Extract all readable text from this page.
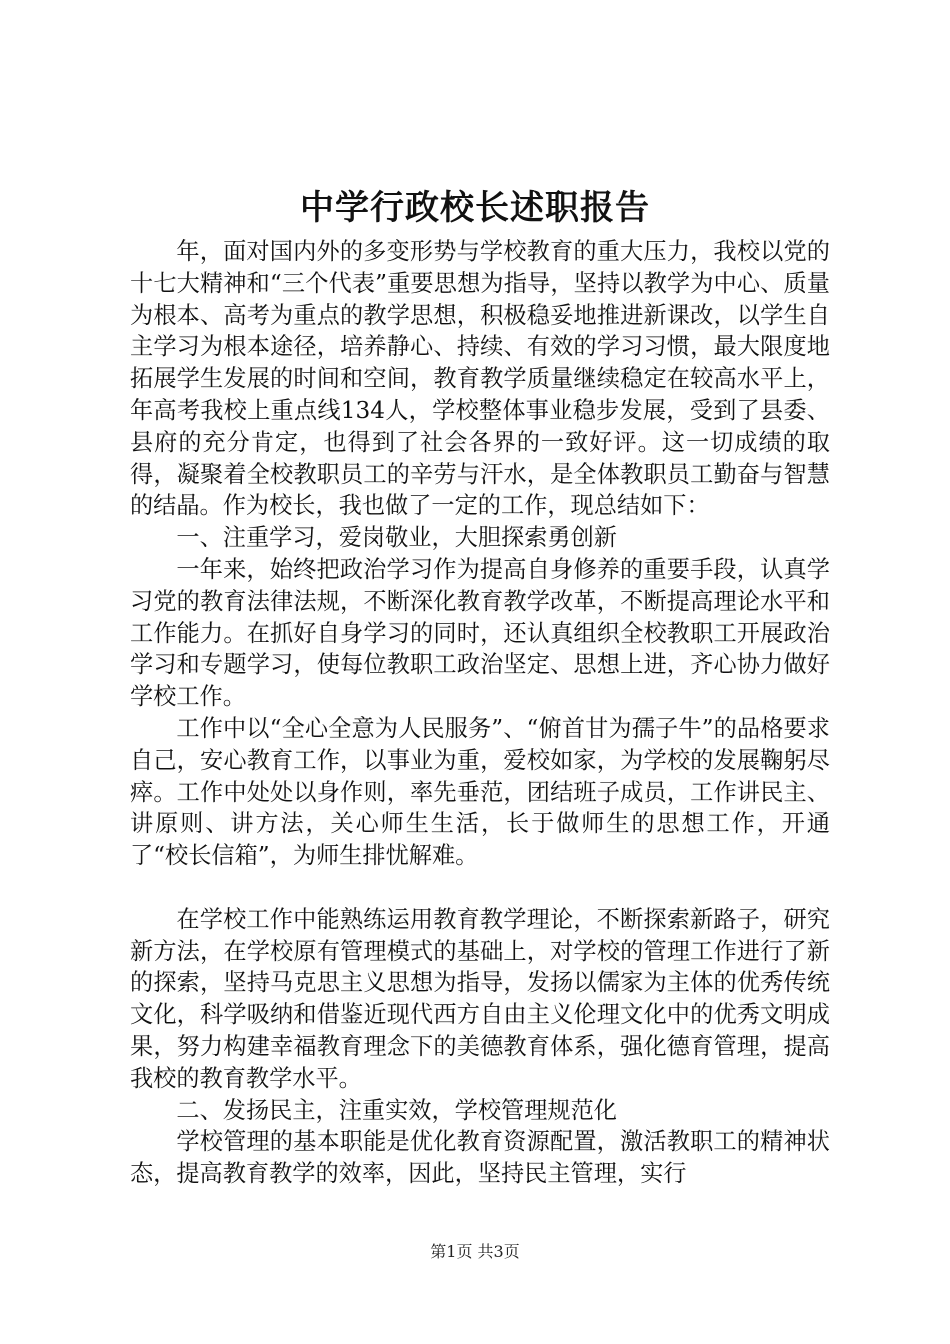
中学行政校长述职报告

年，面对国内外的多变形势与学校教育的重大压力，我校以党的十七大精神和“三个代表”重要思想为指导，坚持以教学为中心、质量为根本、高考为重点的教学思想，积极稳妥地推进新课改，以学生自主学习为根本途径，培养静心、持续、有效的学习习惯，最大限度地拓展学生发展的时间和空间，教育教学质量继续稳定在较高水平上，年高考我校上重点线134人，学校整体事业稳步发展，受到了县委、县府的充分肯定，也得到了社会各界的一致好评。这一切成绩的取得，凝聚着全校教职员工的辛劳与汗水，是全体教职员工勤奋与智慧的结晶。作为校长，我也做了一定的工作，现总结如下：

一、注重学习，爱岗敬业，大胆探索勇创新

一年来，始终把政治学习作为提高自身修养的重要手段，认真学习党的教育法律法规，不断深化教育教学改革，不断提高理论水平和工作能力。在抓好自身学习的同时，还认真组织全校教职工开展政治学习和专题学习，使每位教职工政治坚定、思想上进，齐心协力做好学校工作。

工作中以“全心全意为人民服务”、“俯首甘为孺子牛”的品格要求自己，安心教育工作，以事业为重，爱校如家，为学校的发展鞠躬尽瘁。工作中处处以身作则，率先垂范，团结班子成员，工作讲民主、讲原则、讲方法，关心师生生活，长于做师生的思想工作，开通了“校长信箱”，为师生排忧解难。

在学校工作中能熟练运用教育教学理论，不断探索新路子，研究新方法，在学校原有管理模式的基础上，对学校的管理工作进行了新的探索，坚持马克思主义思想为指导，发扬以儒家为主体的优秀传统文化，科学吸纳和借鉴近现代西方自由主义伦理文化中的优秀文明成果，努力构建幸福教育理念下的美德教育体系，强化德育管理，提高我校的教育教学水平。

二、发扬民主，注重实效，学校管理规范化

学校管理的基本职能是优化教育资源配置，激活教职工的精神状态，提高教育教学的效率，因此，坚持民主管理，实行

第1页 共3页
